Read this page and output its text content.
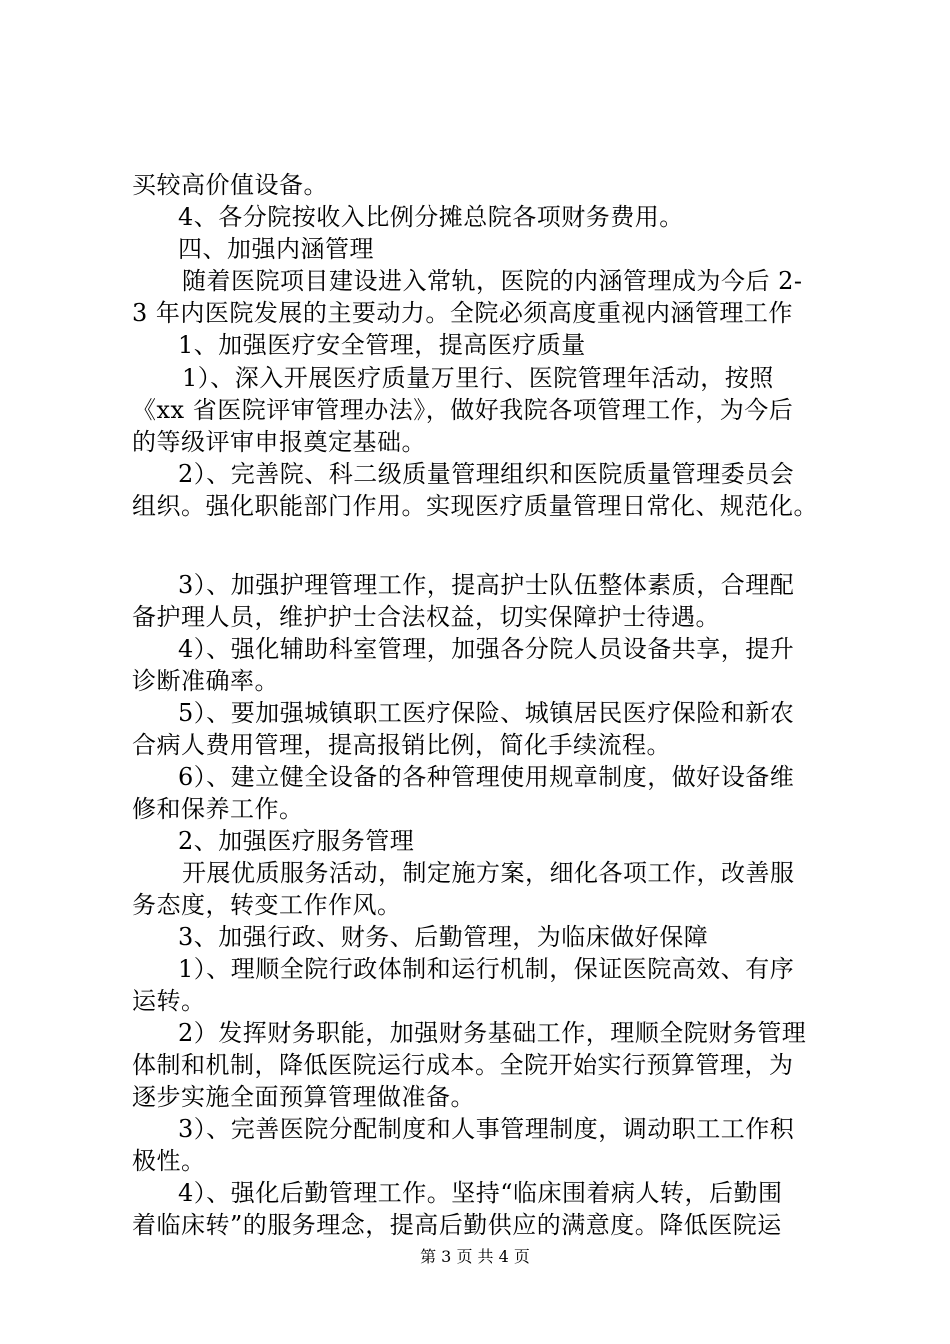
买较高价值设备。
4、各分院按收入比例分摊总院各项财务费用。
四、加强内涵管理
随着医院项目建设进入常轨，医院的内涵管理成为今后 2-
3 年内医院发展的主要动力。全院必须高度重视内涵管理工作
1、加强医疗安全管理，提高医疗质量
1）、深入开展医疗质量万里行、医院管理年活动，按照
《xx 省医院评审管理办法》，做好我院各项管理工作，为今后
的等级评审申报奠定基础。
2）、完善院、科二级质量管理组织和医院质量管理委员会
组织。强化职能部门作用。实现医疗质量管理日常化、规范化。
3）、加强护理管理工作，提高护士队伍整体素质，合理配
备护理人员，维护护士合法权益，切实保障护士待遇。
4）、强化辅助科室管理，加强各分院人员设备共享，提升
诊断准确率。
5）、要加强城镇职工医疗保险、城镇居民医疗保险和新农
合病人费用管理，提高报销比例，简化手续流程。
6）、建立健全设备的各种管理使用规章制度，做好设备维
修和保养工作。
2、加强医疗服务管理
开展优质服务活动，制定施方案，细化各项工作，改善服
务态度，转变工作作风。
3、加强行政、财务、后勤管理，为临床做好保障
1）、理顺全院行政体制和运行机制，保证医院高效、有序
运转。
2）发挥财务职能，加强财务基础工作，理顺全院财务管理
体制和机制，降低医院运行成本。全院开始实行预算管理，为
逐步实施全面预算管理做准备。
3）、完善医院分配制度和人事管理制度，调动职工工作积
极性。
4）、强化后勤管理工作。坚持“临床围着病人转，后勤围
着临床转”的服务理念，提高后勤供应的满意度。降低医院运
第 3 页 共 4 页
